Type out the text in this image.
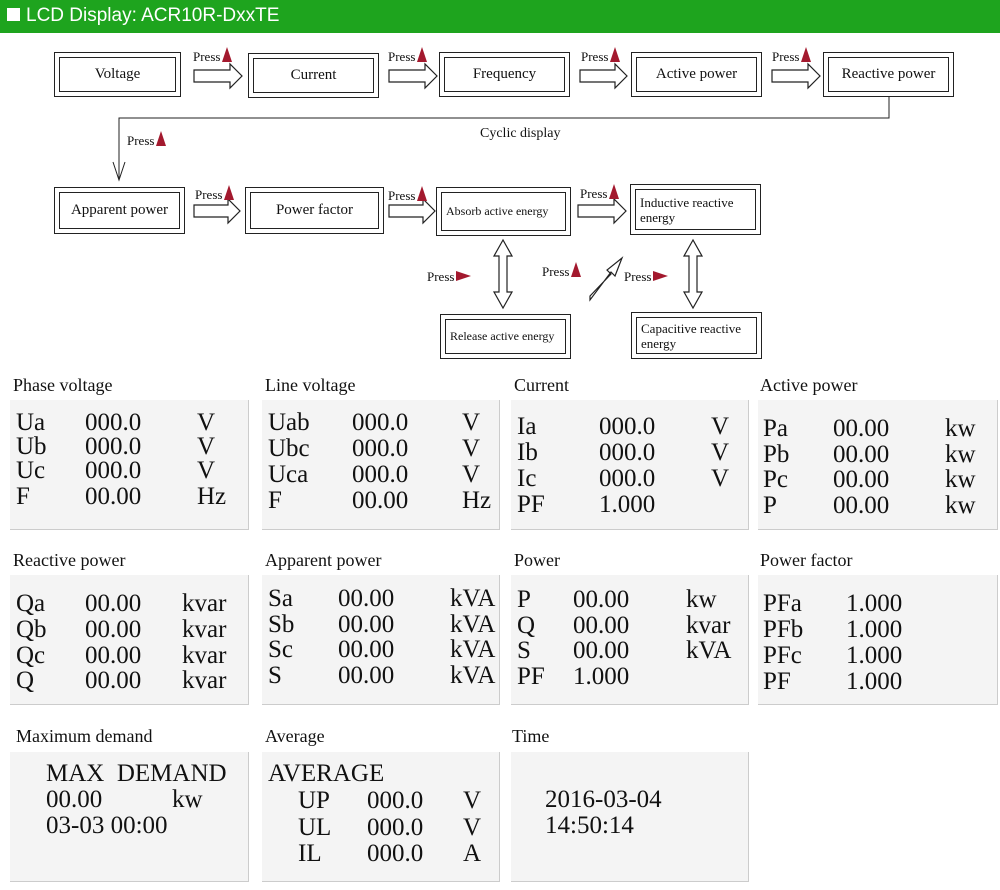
LCD Display: ACR10R-DxxTE
Voltage	Current	Frequency	Active power	Reactive power
Press	Press	Press	Press
Press	Cyclic display
Apparent power	Power factor	Absorb active energy
Inductive reactive energy
Press	Press	Press
Press	Press	Press
Release active energy
Capacitive reactive energy
Phase voltage
Ua 000.0 V
Ub 000.0 V
Uc 000.0 V
F 00.00 Hz
Line voltage
Uab 000.0 V
Ubc 000.0 V
Uca 000.0 V
F	00.00 Hz
Current
Ia	000.0 V
Ib 000.0 V
Ic	000.0 V
PF 1.000
Active power
Pa 00.00 kw
Pb 00.00 kw
Pc 00.00 kw
P 00.00 kw
Reactive power
Qa 00.00 kvar
Qb 00.00 kvar
Qc 00.00 kvar
Q 00.00 kvar
Apparent power
Sa 00.00 kVA
Sb 00.00 kVA
Sc 00.00 kVA
S 00.00 kVA
Power
P 00.00 kw
Q 00.00 kvar
S 00.00 kVA
PF 1.000
Power factor
PFa 1.000
PFb 1.000
PFc 1.000
PF 1.000
Maximum demand
MAX  DEMAND
00.00	kw
03-03 00:00
Average
AVERAGE
UP 000.0 V
UL 000.0 V
IL 000.0 A
Time
2016-03-04
14:50:14
